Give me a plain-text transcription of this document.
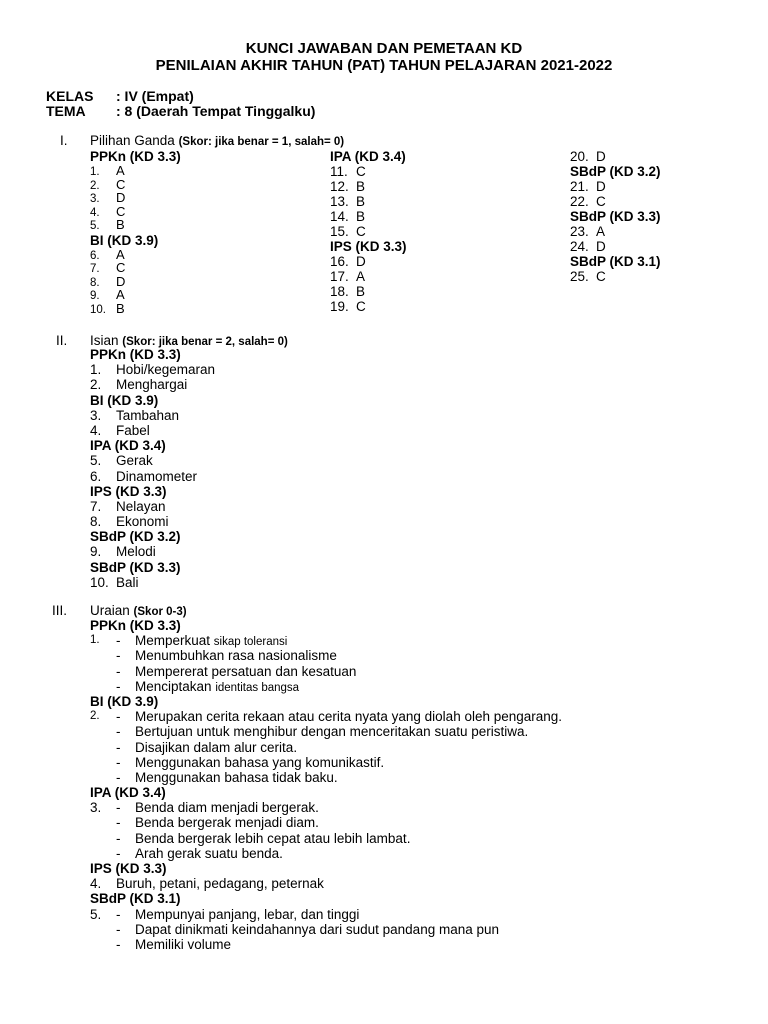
KUNCI JAWABAN DAN PEMETAAN KD
PENILAIAN AKHIR TAHUN (PAT) TAHUN PELAJARAN 2021-2022
KELAS : IV (Empat)
TEMA : 8 (Daerah Tempat Tinggalku)
I. Pilihan Ganda (Skor: jika benar = 1, salah= 0)
PPKn (KD 3.3)
1. A
2. C
3. D
4. C
5. B
BI (KD 3.9)
6. A
7. C
8. D
9. A
10. B
IPA (KD 3.4)
11. C
12. B
13. B
14. B
15. C
IPS (KD 3.3)
16. D
17. A
18. B
19. C
20. D
SBdP (KD 3.2)
21. D
22. C
SBdP (KD 3.3)
23. A
24. D
SBdP (KD 3.1)
25. C
II. Isian (Skor: jika benar = 2, salah= 0)
PPKn (KD 3.3)
1. Hobi/kegemaran
2. Menghargai
BI (KD 3.9)
3. Tambahan
4. Fabel
IPA (KD 3.4)
5. Gerak
6. Dinamometer
IPS (KD 3.3)
7. Nelayan
8. Ekonomi
SBdP (KD 3.2)
9. Melodi
SBdP (KD 3.3)
10. Bali
III. Uraian (Skor 0-3)
PPKn (KD 3.3)
1.	- Memperkuat sikap toleransi
- Menumbuhkan rasa nasionalisme
- Mempererat persatuan dan kesatuan
- Menciptakan identitas bangsa
BI (KD 3.9)
2.	- Merupakan cerita rekaan atau cerita nyata yang diolah oleh pengarang.
- Bertujuan untuk menghibur dengan menceritakan suatu peristiwa.
- Disajikan dalam alur cerita.
- Menggunakan bahasa yang komunikastif.
- Menggunakan bahasa tidak baku.
IPA (KD 3.4)
3.	- Benda diam menjadi bergerak.
- Benda bergerak menjadi diam.
- Benda bergerak lebih cepat atau lebih lambat.
- Arah gerak suatu benda.
IPS (KD 3.3)
4.	Buruh, petani, pedagang, peternak
SBdP (KD 3.1)
5.	- Mempunyai panjang, lebar, dan tinggi
- Dapat dinikmati keindahannya dari sudut pandang mana pun
- Memiliki volume
